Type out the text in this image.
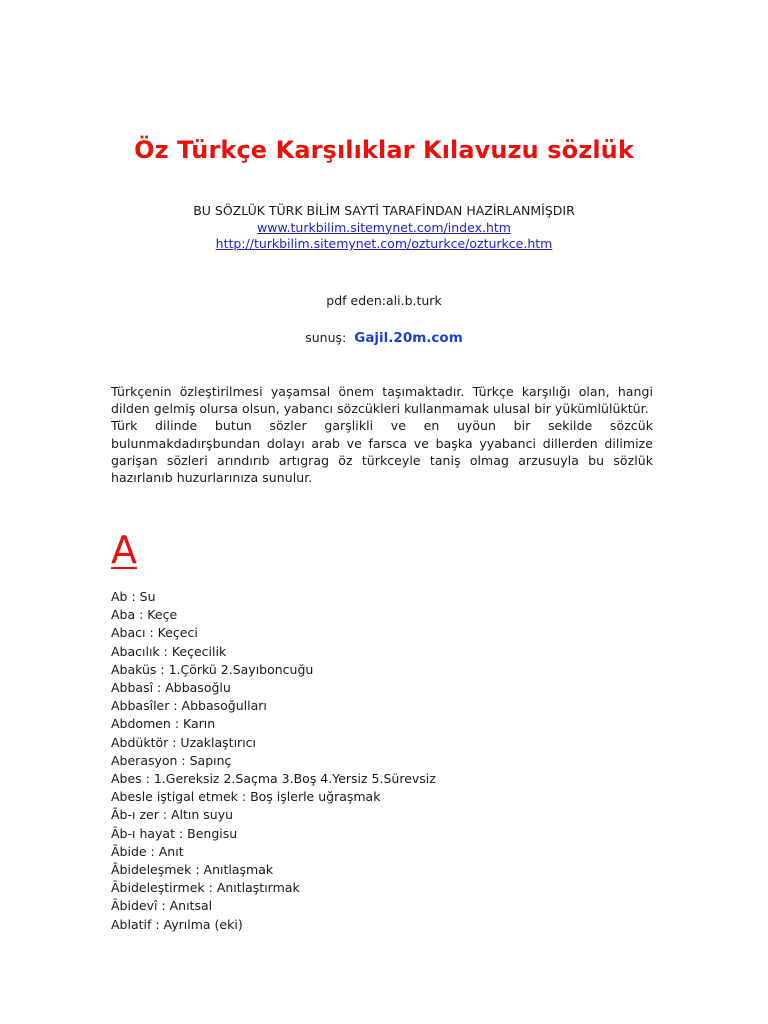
Öz Türkçe Karşılıklar Kılavuzu sözlük
BU SÖZLÜK TÜRK BİLİM SAYTİ TARAFİNDAN HAZİRLANMİŞDIR
www.turkbilim.sitemynet.com/index.htm
http://turkbilim.sitemynet.com/ozturkce/ozturkce.htm
pdf eden:ali.b.turk
sunuş: Gajil.20m.com

Türkçenin özleştirilmesi yaşamsal önem taşımaktadır. Türkçe karşılığı olan, hangi dilden gelmiş olursa olsun, yabancı sözcükleri kullanmamak ulusal bir yükümlülüktür.

Türk dilinde butun sözler garşlikli ve en uyöun bir sekilde sözcük bulunmakdadırşbundan dolayı arab ve farsca ve başka yyabanci dillerden dilimize garişan sözleri arındırıb artıgrag öz türkceyle taniş olmag arzusuyla bu sözlük hazırlanıb huzurlarınıza sunulur.

A
Ab : Su
Aba : Keçe
Abacı : Keçeci
Abacılık : Keçecilik
Abaküs : 1.Çörkü 2.Sayıboncuğu
Abbasî : Abbasoğlu
Abbasîler : Abbasoğulları
Abdomen : Karın
Abdüktör : Uzaklaştırıcı
Aberasyon : Sapınç
Abes : 1.Gereksiz 2.Saçma 3.Boş 4.Yersiz 5.Sürevsiz
Abesle iştigal etmek : Boş işlerle uğraşmak
Āb-ı zer : Altın suyu
Āb-ı hayat : Bengisu
Ābide : Anıt
Ābideleşmek : Anıtlaşmak
Ābideleştirmek : Anıtlaştırmak
Ābidevî : Anıtsal
Ablatif : Ayrılma (eki)
